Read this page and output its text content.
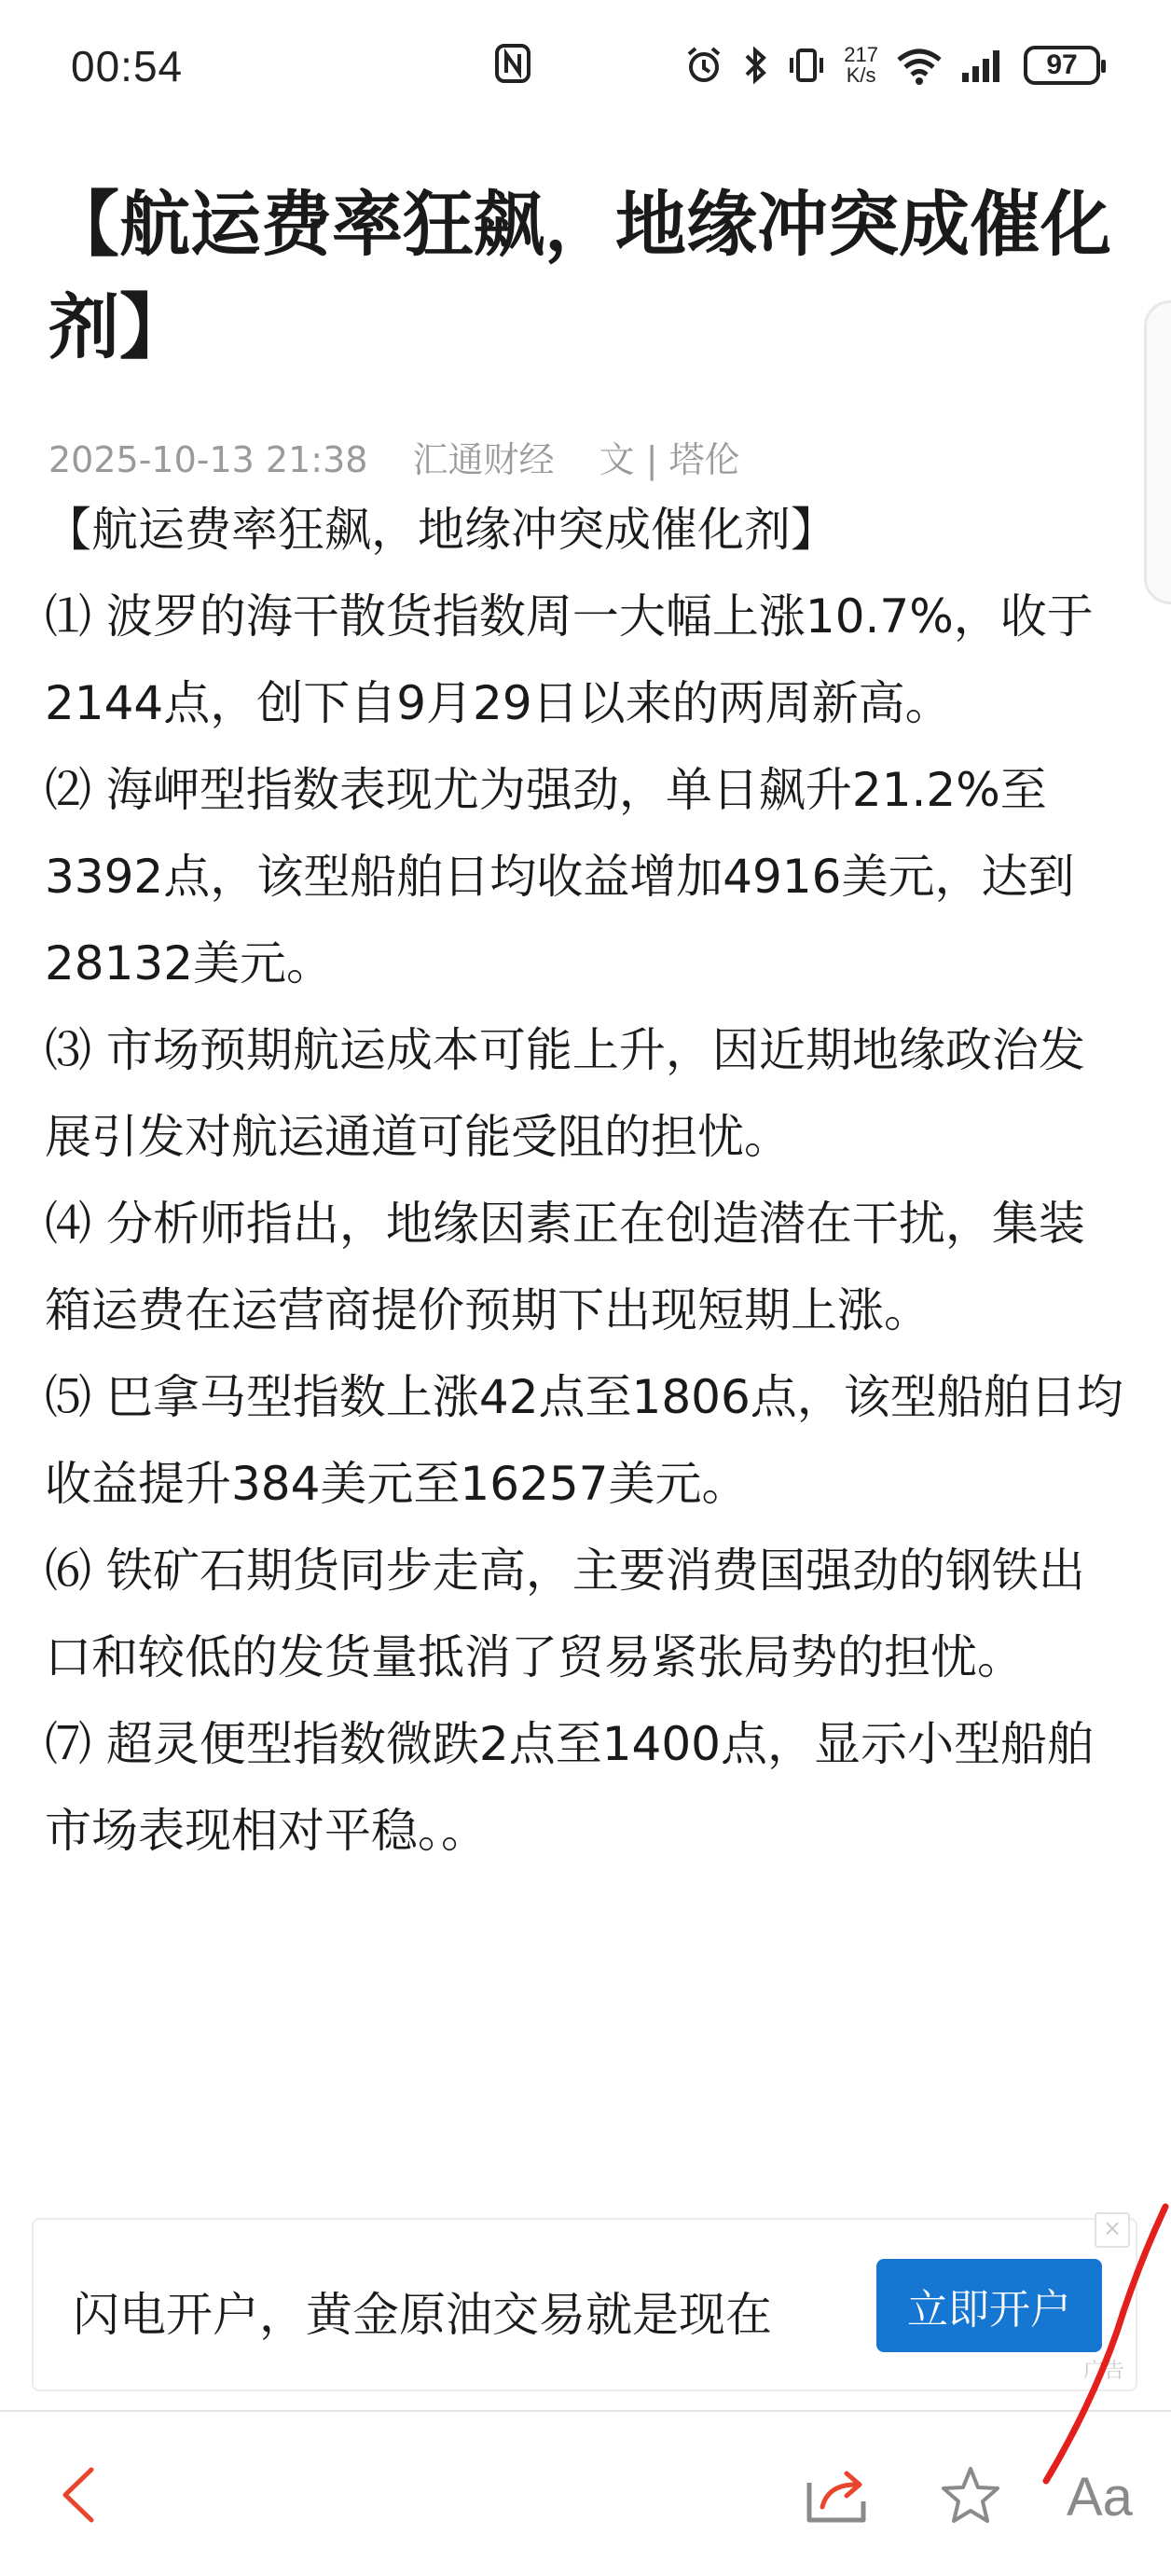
00:54	217
K/s	97
【航运费率狂飙，地缘冲突成催化剂】
2025-10-13 21:38 汇通财经 文 | 塔伦

【航运费率狂飙，地缘冲突成催化剂】

⑴ 波罗的海干散货指数周一大幅上涨10.7%，收于2144点，创下自9月29日以来的两周新高。

⑵ 海岬型指数表现尤为强劲，单日飙升21.2%至3392点，该型船舶日均收益增加4916美元，达到28132美元。

⑶ 市场预期航运成本可能上升，因近期地缘政治发展引发对航运通道可能受阻的担忧。

⑷ 分析师指出，地缘因素正在创造潜在干扰，集装箱运费在运营商提价预期下出现短期上涨。

⑸ 巴拿马型指数上涨42点至1806点，该型船舶日均收益提升384美元至16257美元。

⑹ 铁矿石期货同步走高，主要消费国强劲的钢铁出口和较低的发货量抵消了贸易紧张局势的担忧。

⑺ 超灵便型指数微跌2点至1400点，显示小型船舶市场表现相对平稳。。

闪电开户，黄金原油交易就是现在	立即开户
×
广告
Aa
